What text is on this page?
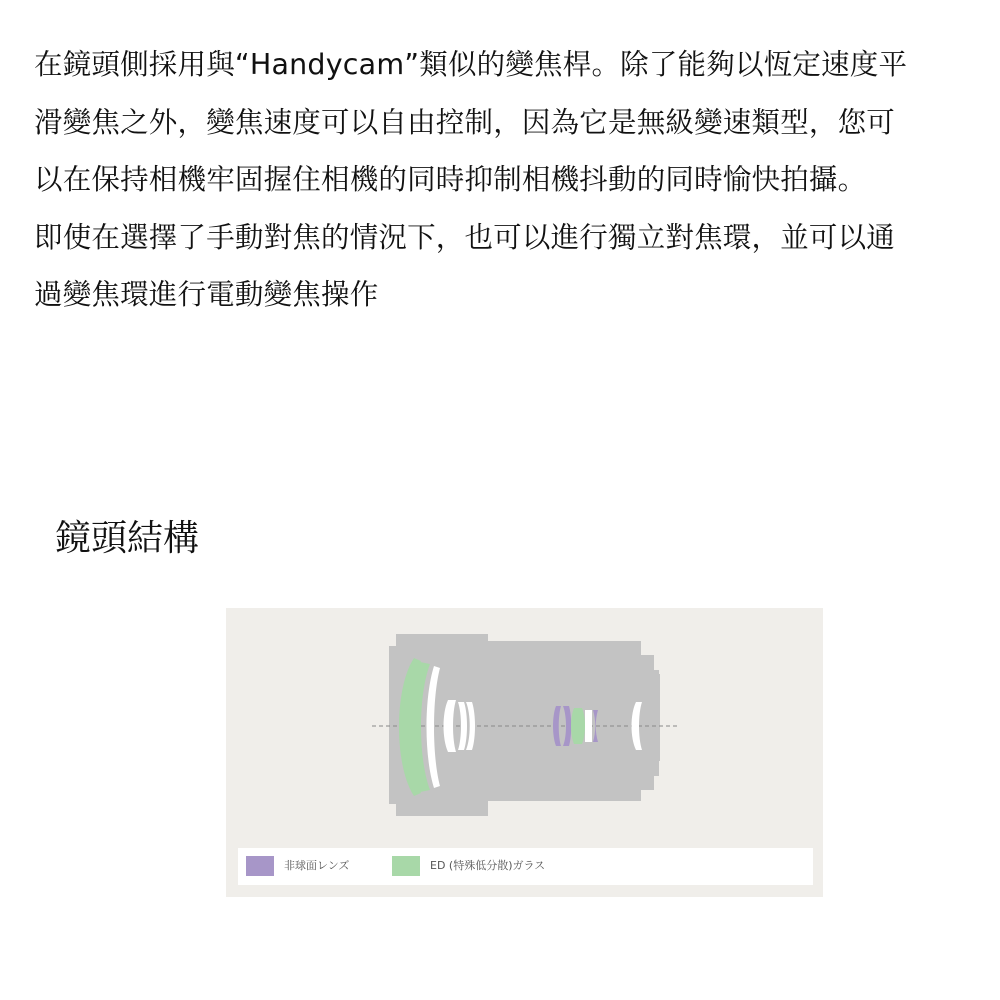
在鏡頭側採用與“Handycam”類似的變焦桿。除了能夠以恆定速度平
滑變焦之外，變焦速度可以自由控制，因為它是無級變速類型，您可
以在保持相機牢固握住相機的同時抑制相機抖動的同時愉快拍攝。
即使在選擇了手動對焦的情況下，也可以進行獨立對焦環，並可以通
過變焦環進行電動變焦操作
鏡頭結構
非球面レンズ	ED (特殊低分散)ガラス
